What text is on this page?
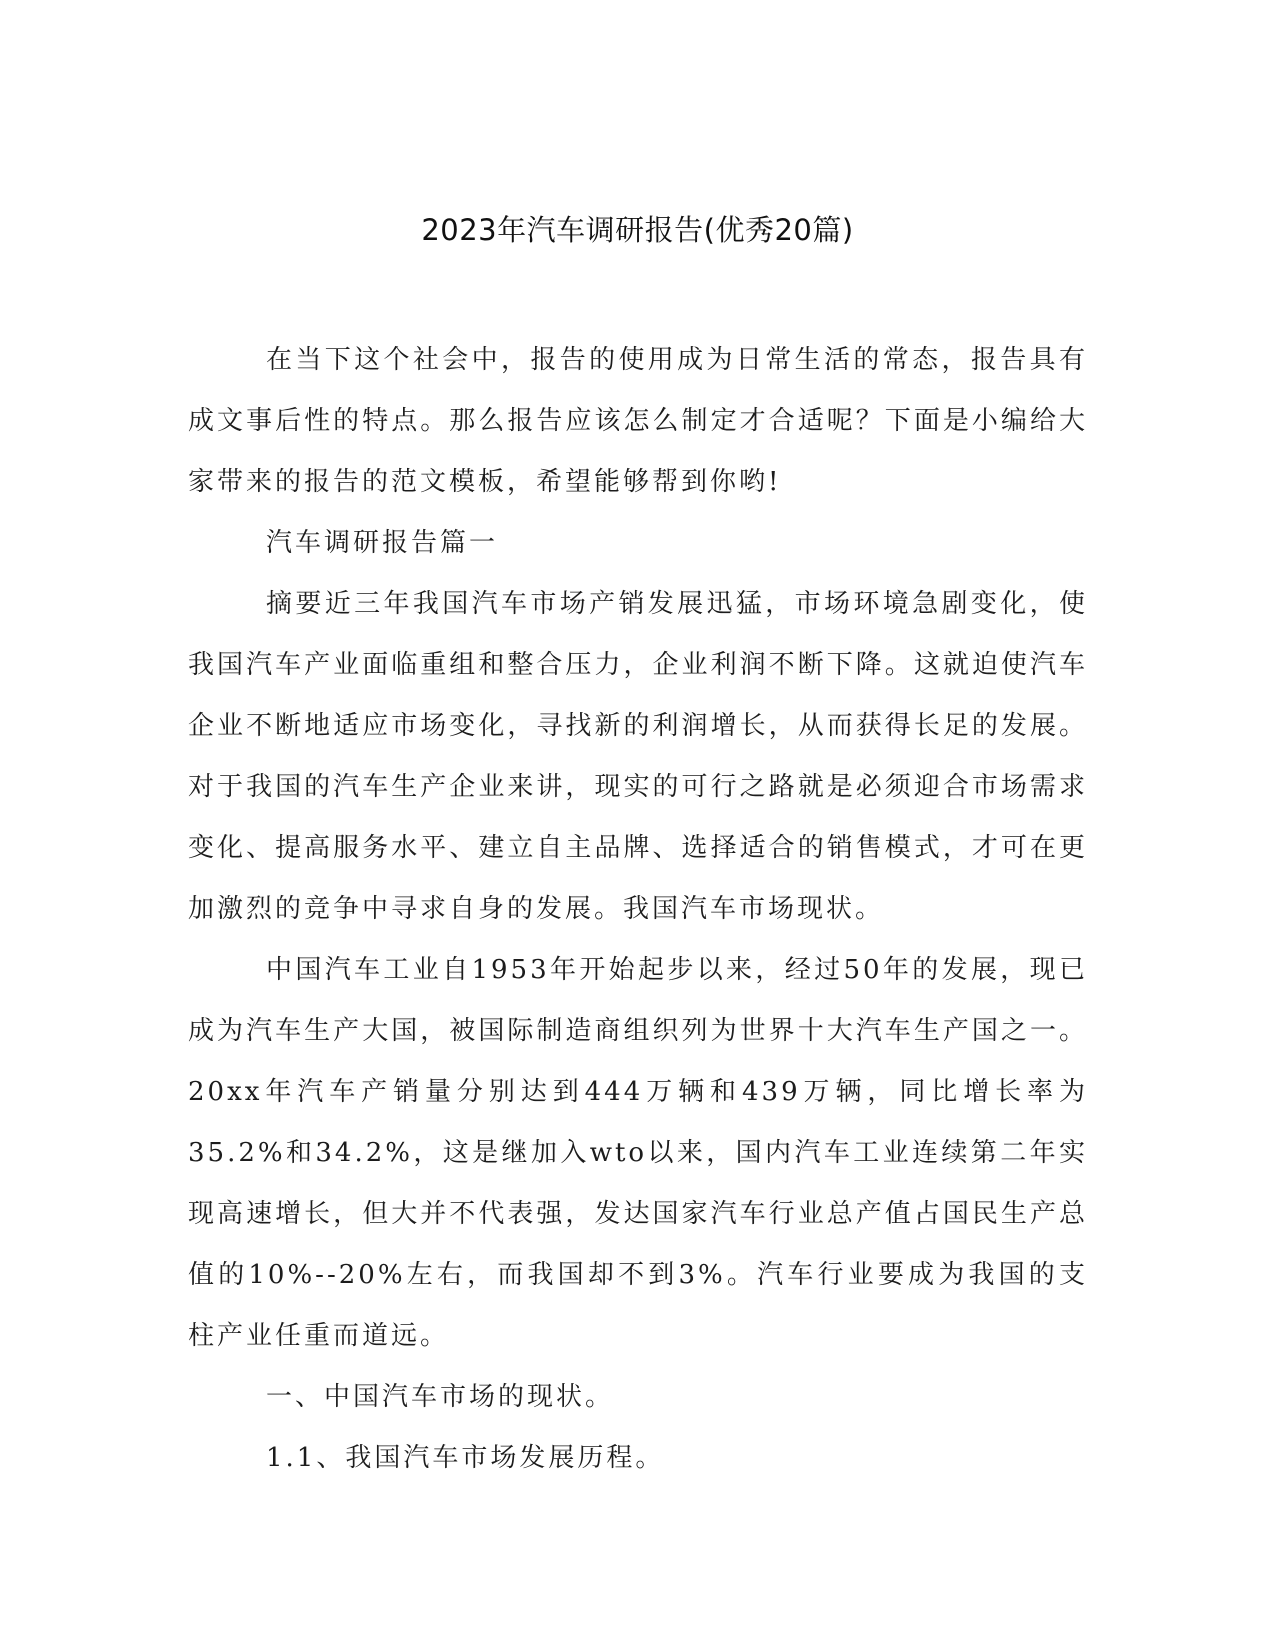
2023年汽车调研报告(优秀20篇)

在当下这个社会中，报告的使用成为日常生活的常态，报告具有成文事后性的特点。那么报告应该怎么制定才合适呢？下面是小编给大家带来的报告的范文模板，希望能够帮到你哟!

汽车调研报告篇一

摘要近三年我国汽车市场产销发展迅猛，市场环境急剧变化，使我国汽车产业面临重组和整合压力，企业利润不断下降。这就迫使汽车企业不断地适应市场变化，寻找新的利润增长，从而获得长足的发展。对于我国的汽车生产企业来讲，现实的可行之路就是必须迎合市场需求变化、提高服务水平、建立自主品牌、选择适合的销售模式，才可在更加激烈的竞争中寻求自身的发展。我国汽车市场现状。

中国汽车工业自1953年开始起步以来，经过50年的发展，现已成为汽车生产大国，被国际制造商组织列为世界十大汽车生产国之一。20xx年汽车产销量分别达到444万辆和439万辆，同比增长率为35.2%和34.2%，这是继加入wto以来，国内汽车工业连续第二年实现高速增长，但大并不代表强，发达国家汽车行业总产值占国民生产总值的10%--20%左右，而我国却不到3%。汽车行业要成为我国的支柱产业任重而道远。

一、中国汽车市场的现状。

1.1、我国汽车市场发展历程。
